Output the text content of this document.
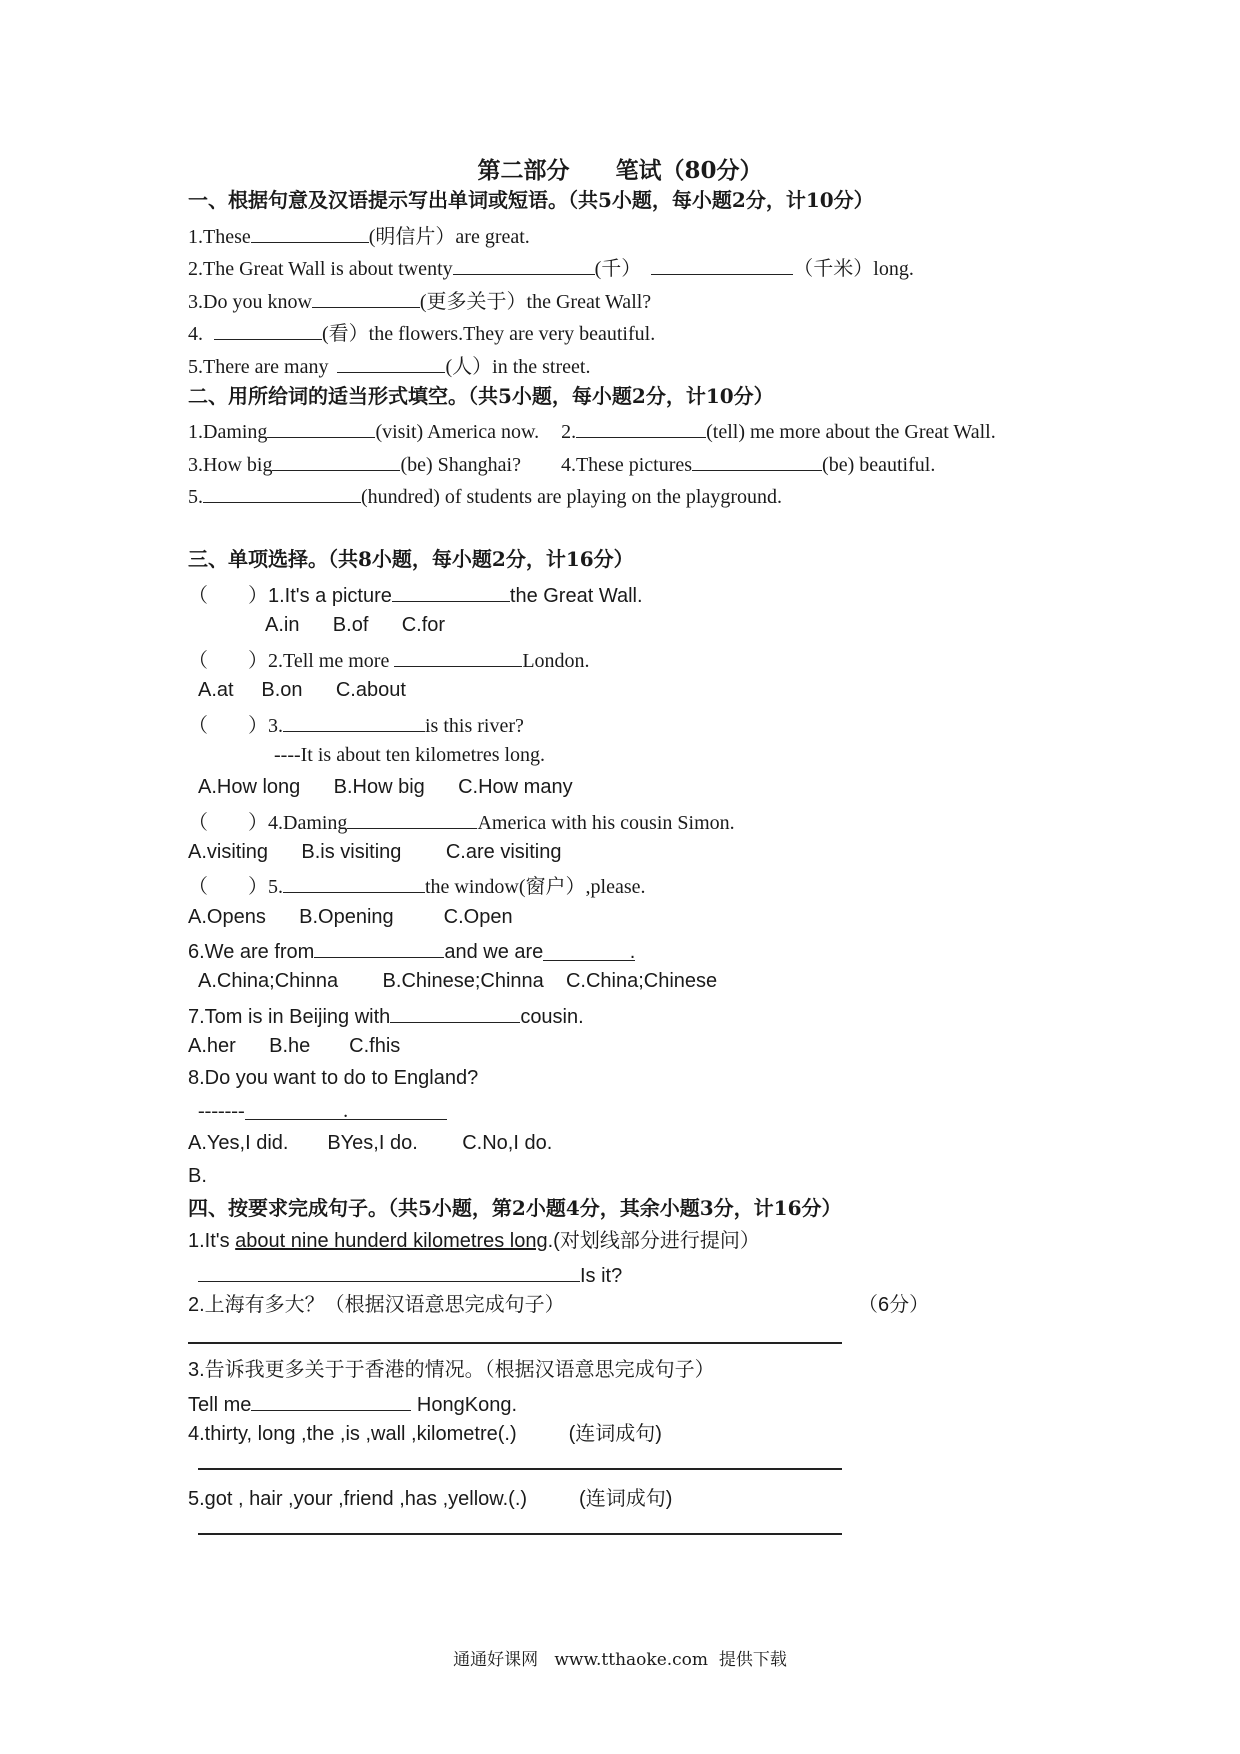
第二部分　　笔试（80分）
一、根据句意及汉语提示写出单词或短语。（共5小题，每小题2分，计10分）
1.These	(明信片）are great.
2.The Great Wall is about twenty	(千）	（千米）long.
3.Do you know	(更多关于）the Great Wall?
4.	(看）the flowers.They are very beautiful.
5.There are many	(人）in the street.
二、用所给词的适当形式填空。（共5小题，每小题2分，计10分）
1.Daming	(visit) America now. 2.	(tell) me more about the Great Wall.
3.How big	(be) Shanghai? 4.These pictures	(be) beautiful.
5.	(hundred) of students are playing on the playground.
三、单项选择。（共8小题，每小题2分，计16分）
（　　）1.It's a picture	the Great Wall.
A.in      B.of      C.for
（　　）2.Tell me more	London.
A.at     B.on      C.about
（　　）3.	is this river?
----It is about ten kilometres long.
A.How long      B.How big      C.How many
（　　）4.Daming	America with his cousin Simon.
A.visiting      B.is visiting        C.are visiting
（　　）5.	the window(窗户）,please.
A.Opens      B.Opening         C.Open
6.We are from	and we are	.
A.China;Chinna        B.Chinese;Chinna    C.China;Chinese
7.Tom is in Beijing with	cousin.
A.her      B.he       C.fhis
8.Do you want to do to England?
-------	.
A.Yes,I did.       BYes,I do.        C.No,I do.
B.
四、按要求完成句子。（共5小题，第2小题4分，其余小题3分，计16分）
1.It's about nine hunderd kilometres long.(对划线部分进行提问）
Is it?
2.上海有多大？（根据汉语意思完成句子）	（6分）
3.告诉我更多关于于香港的情况。（根据汉语意思完成句子）
Tell me	HongKong.
4.thirty, long ,the ,is ,wall ,kilometre(.)	(连词成句)
5.got , hair ,your ,friend ,has ,yellow.(.)	(连词成句)
通通好课网   www.tthaoke.com  提供下载
